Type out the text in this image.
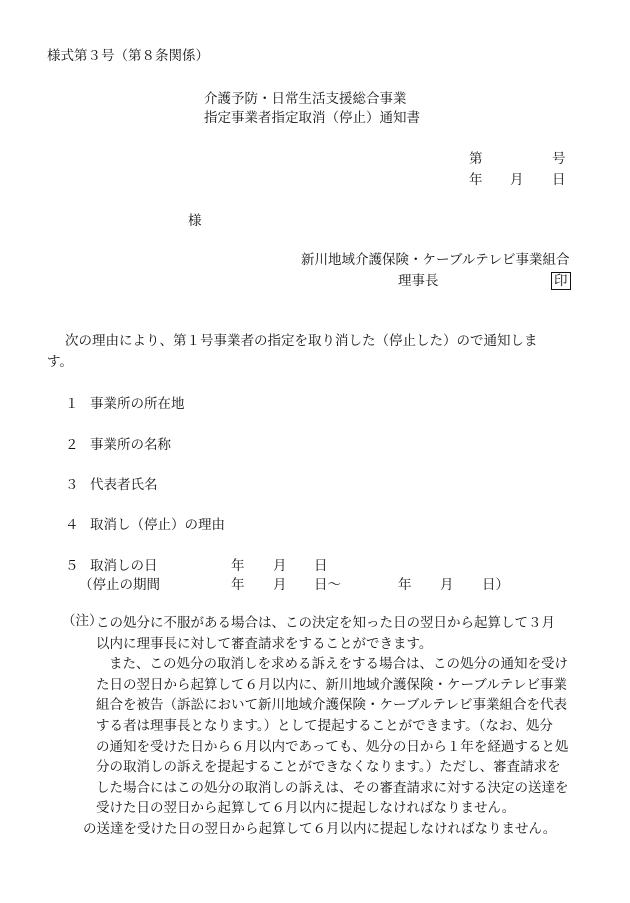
様式第３号（第８条関係）
介護予防・日常生活支援総合事業
指定事業者指定取消（停止）通知書
第	号
年 月 日
様
新川地域介護保険・ケーブルテレビ事業組合
理事長	印
次の理由により、第１号事業者の指定を取り消した（停止した）ので通知しま
す。
１ 事業所の所在地
２ 事業所の名称
３ 代表者氏名
４ 取消し（停止）の理由
５ 取消しの日	年 月 日
（停止の期間	年 月 日～	年 月 日）
（注）
この処分に不服がある場合は、この決定を知った日の翌日から起算して３月
以内に理事長に対して審査請求をすることができます。
また、この処分の取消しを求める訴えをする場合は、この処分の通知を受け
た日の翌日から起算して６月以内に、新川地域介護保険・ケーブルテレビ事業
組合を被告（訴訟において新川地域介護保険・ケーブルテレビ事業組合を代表
する者は理事長となります。）として提起することができます。（なお、処分
の通知を受けた日から６月以内であっても、処分の日から１年を経過すると処
分の取消しの訴えを提起することができなくなります。）ただし、審査請求を
した場合にはこの処分の取消しの訴えは、その審査請求に対する決定の送達を
受けた日の翌日から起算して６月以内に提起しなければなりません。
の送達を受けた日の翌日から起算して６月以内に提起しなければなりません。
